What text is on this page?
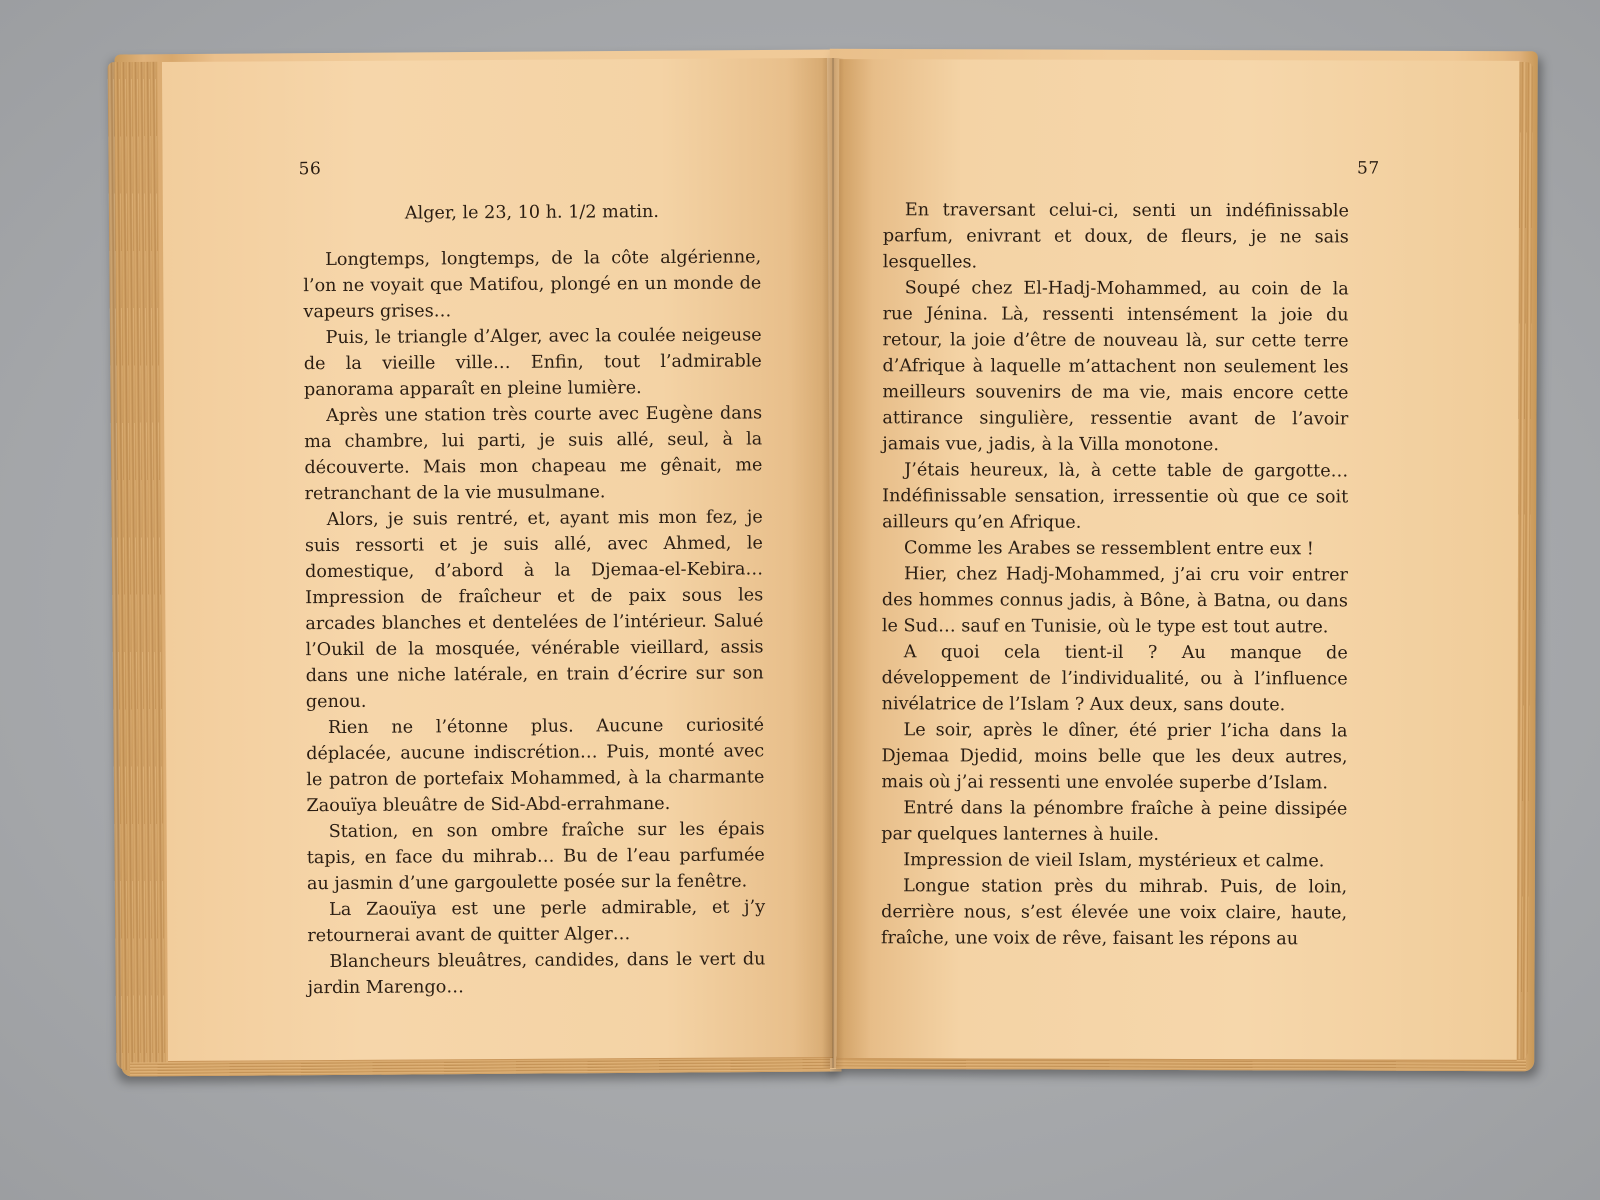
56

Alger, le 23, 10 h. 1/2 matin.

Longtemps, longtemps, de la côte algérienne, l’on ne voyait que Matifou, plongé en un monde de vapeurs grises…

Puis, le triangle d’Alger, avec la coulée neigeuse de la vieille ville… Enfin, tout l’admirable panorama apparaît en pleine lumière.

Après une station très courte avec Eugène dans ma chambre, lui parti, je suis allé, seul, à la découverte. Mais mon chapeau me gênait, me retranchant de la vie musulmane.

Alors, je suis rentré, et, ayant mis mon fez, je suis ressorti et je suis allé, avec Ahmed, le domestique, d’abord à la Djemaa-el-Kebira… Impression de fraîcheur et de paix sous les arcades blanches et dentelées de l’intérieur. Salué l’Oukil de la mosquée, vénérable vieillard, assis dans une niche latérale, en train d’écrire sur son genou.

Rien ne l’étonne plus. Aucune curiosité déplacée, aucune indiscrétion… Puis, monté avec le patron de portefaix Mohammed, à la charmante Zaouïya bleuâtre de Sid-Abd-errahmane.

Station, en son ombre fraîche sur les épais tapis, en face du mihrab… Bu de l’eau parfumée au jasmin d’une gargoulette posée sur la fenêtre.

La Zaouïya est une perle admirable, et j’y retournerai avant de quitter Alger…

Blancheurs bleuâtres, candides, dans le vert du jardin Marengo…

57

En traversant celui-ci, senti un indéfinissable parfum, enivrant et doux, de fleurs, je ne sais lesquelles.

Soupé chez El-Hadj-Mohammed, au coin de la rue Jénina. Là, ressenti intensément la joie du retour, la joie d’être de nouveau là, sur cette terre d’Afrique à laquelle m’attachent non seulement les meilleurs souvenirs de ma vie, mais encore cette attirance singulière, ressentie avant de l’avoir jamais vue, jadis, à la Villa monotone.

J’étais heureux, là, à cette table de gargotte… Indéfinissable sensation, irressentie où que ce soit ailleurs qu’en Afrique.

Comme les Arabes se ressemblent entre eux !

Hier, chez Hadj-Mohammed, j’ai cru voir entrer des hommes connus jadis, à Bône, à Batna, ou dans le Sud… sauf en Tunisie, où le type est tout autre.

A quoi cela tient-il ? Au manque de développement de l’individualité, ou à l’influence nivélatrice de l’Islam ? Aux deux, sans doute.

Le soir, après le dîner, été prier l’icha dans la Djemaa Djedid, moins belle que les deux autres, mais où j’ai ressenti une envolée superbe d’Islam.

Entré dans la pénombre fraîche à peine dissipée par quelques lanternes à huile.

Impression de vieil Islam, mystérieux et calme.

Longue station près du mihrab. Puis, de loin, derrière nous, s’est élevée une voix claire, haute, fraîche, une voix de rêve, faisant les répons au
